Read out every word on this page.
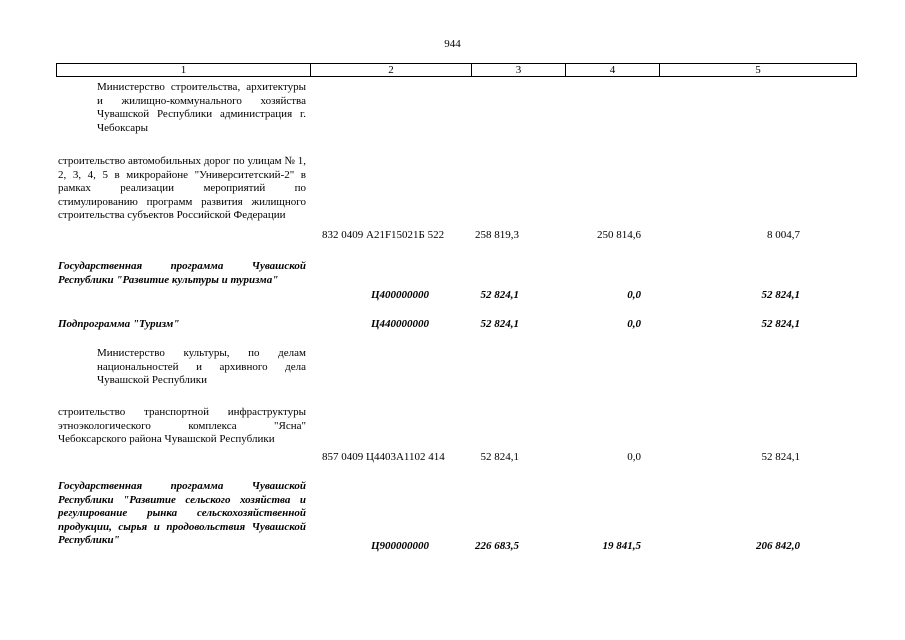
944
1	2	3	4	5
Министерство строительства, архитектуры и жилищно-коммунального хозяйства Чувашской Республики администрация г. Чебоксары
строительство автомобильных дорог по улицам № 1, 2, 3, 4, 5 в микрорайоне "Университетский-2" в рамках реализации мероприятий по стимулированию программ развития жилищного строительства субъектов Российской Федерации
832 0409 А21F15021Б 522	258 819,3	250 814,6	8 004,7
Государственная программа Чувашской Республики "Развитие культуры и туризма"
Ц400000000	52 824,1	0,0	52 824,1
Подпрограмма "Туризм"	Ц440000000	52 824,1	0,0	52 824,1
Министерство культуры, по делам национальностей и архивного дела Чувашской Республики
строительство транспортной инфраструктуры этноэкологического комплекса "Ясна" Чебоксарского района Чувашской Республики
857 0409 Ц4403А1102 414	52 824,1	0,0	52 824,1
Государственная программа Чувашской Республики "Развитие сельского хозяйства и регулирование рынка сельскохозяйственной продукции, сырья и продовольствия Чувашской Республики"	Ц900000000	226 683,5	19 841,5	206 842,0
